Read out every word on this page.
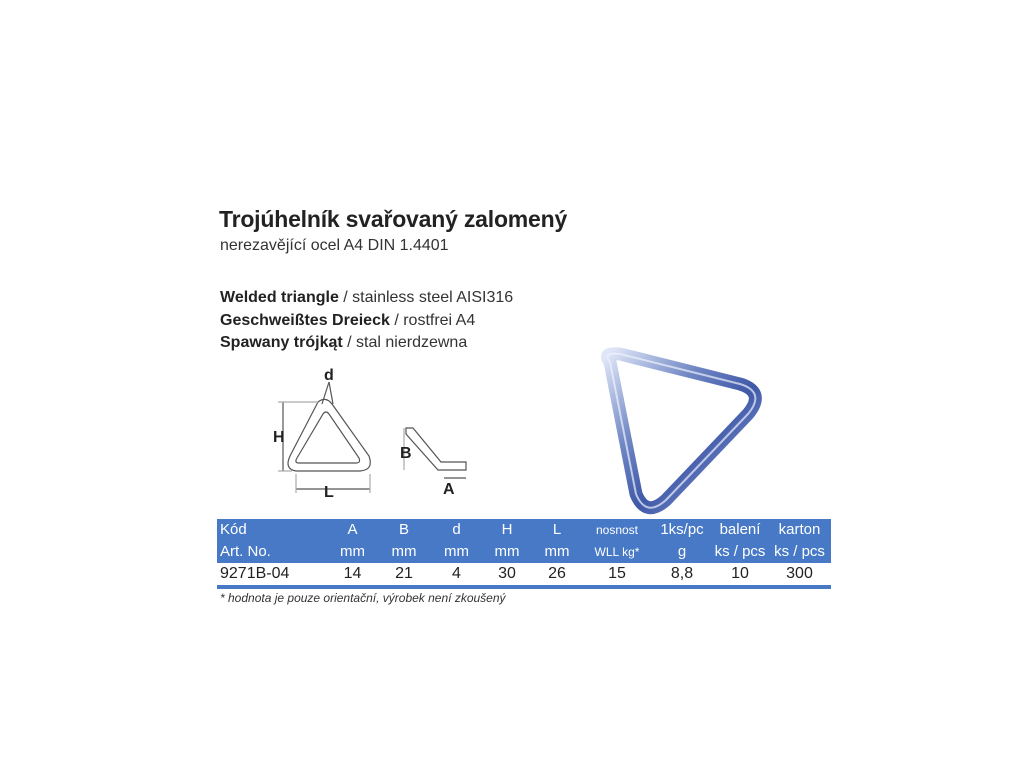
Trojúhelník svařovaný zalomený
nerezavějící ocel A4 DIN 1.4401
Welded triangle / stainless steel AISI316
Geschweißtes Dreieck / rostfrei A4
Spawany trójkąt / stal nierdzewna
d
H
L
B
A
Kód	A	B	d	H	L	nosnost	1ks/pc	balení	karton
Art. No.	mm	mm	mm	mm	mm	WLL kg*	g	ks / pcs	ks / pcs
9271B-04	14	21	4	30	26	15	8,8	10	300
* hodnota je pouze orientační, výrobek není zkoušený
